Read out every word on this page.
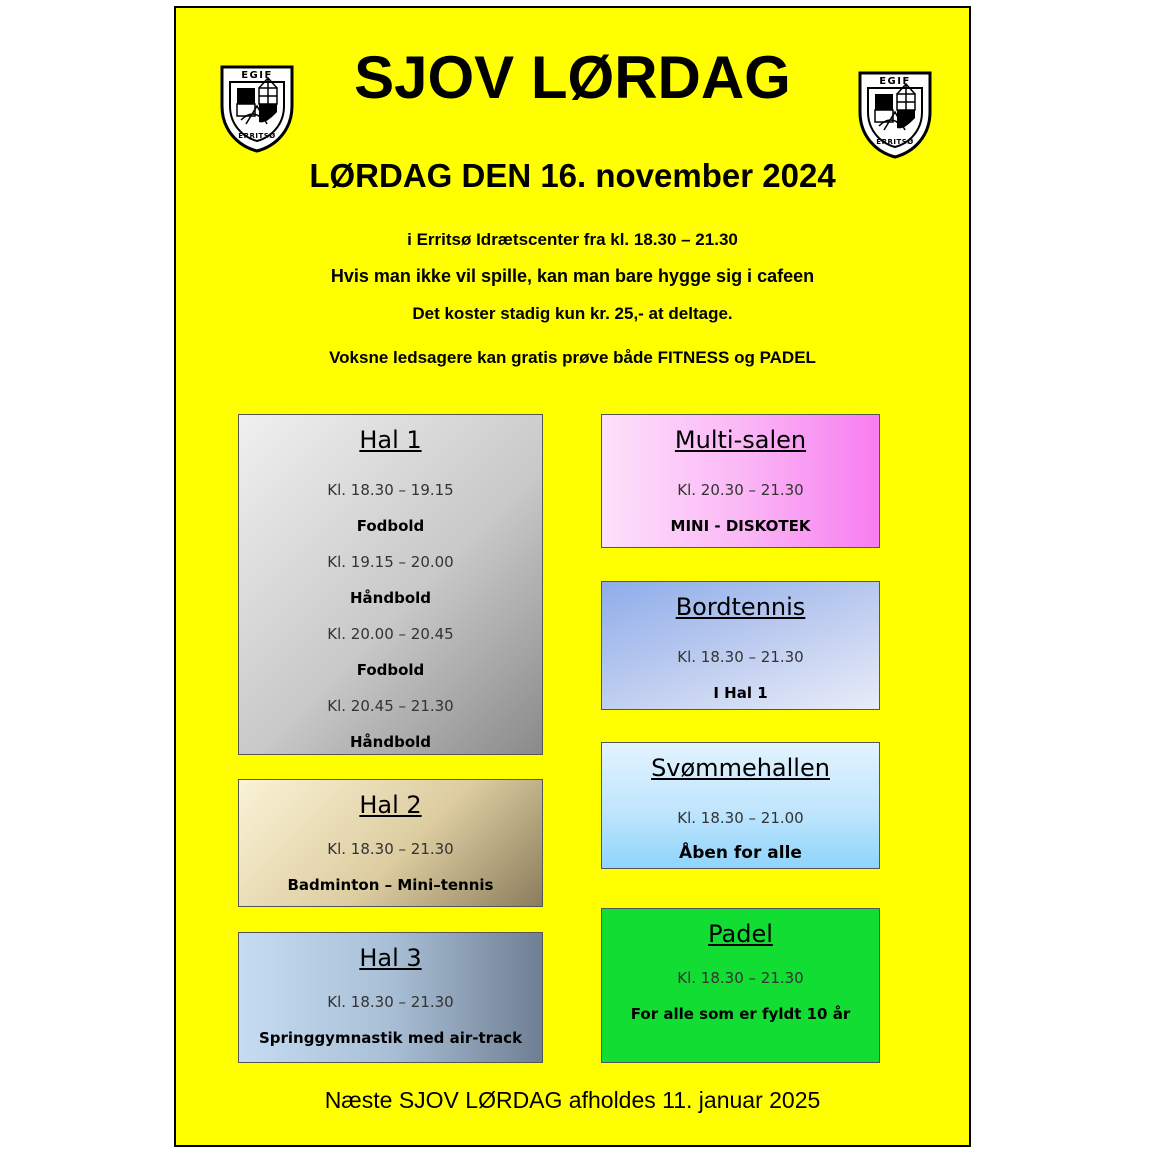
EGIF
ERRITSØ
EGIF
ERRITSØ
SJOV LØRDAG
LØRDAG DEN 16. november 2024
i Erritsø Idrætscenter fra kl. 18.30 – 21.30
Hvis man ikke vil spille, kan man bare hygge sig i cafeen
Det koster stadig kun kr. 25,- at deltage.
Voksne ledsagere kan gratis prøve både FITNESS og PADEL
Hal 1
Kl. 18.30 – 19.15
Fodbold
Kl. 19.15 – 20.00
Håndbold
Kl. 20.00 – 20.45
Fodbold
Kl. 20.45 – 21.30
Håndbold
Hal 2
Kl. 18.30 – 21.30
Badminton – Mini–tennis
Hal 3
Kl. 18.30 – 21.30
Springgymnastik med air-track
Multi-salen
Kl. 20.30 – 21.30
MINI - DISKOTEK
Bordtennis
Kl. 18.30 – 21.30
I Hal 1
Svømmehallen
Kl. 18.30 – 21.00
Åben for alle
Padel
Kl. 18.30 – 21.30
For alle som er fyldt 10 år
Næste SJOV LØRDAG afholdes 11. januar 2025
